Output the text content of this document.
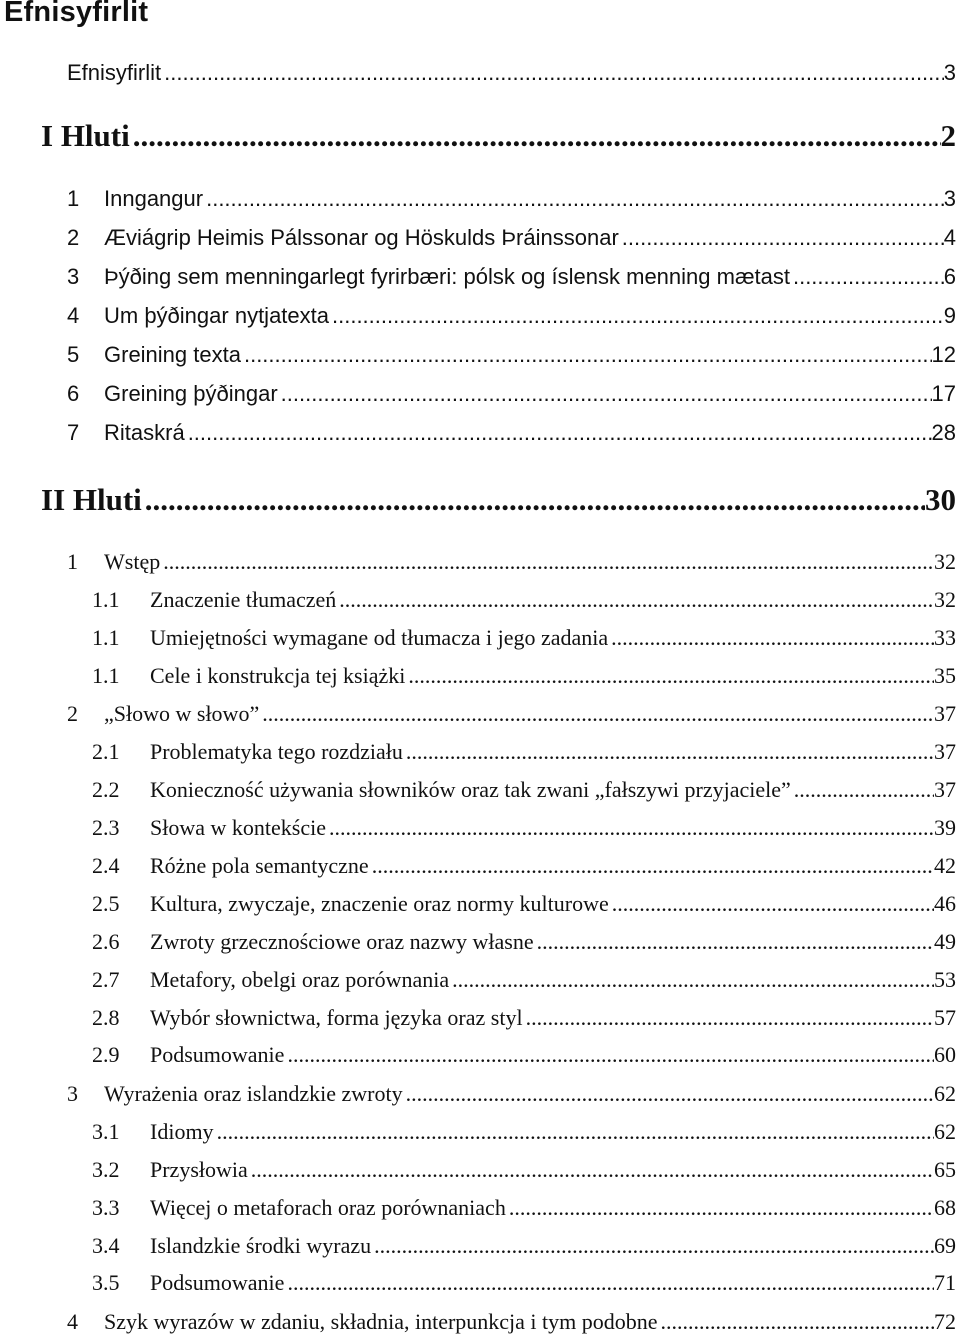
Efnisyfirlit
Efnisyfirlit .....	3
I Hluti .....	2
1	Inngangur .....	3
2	Æviágrip Heimis Pálssonar og Höskulds Þráinssonar .....	4
3	Þýðing sem menningarlegt fyrirbæri: pólsk og íslensk menning mætast .....	6
4	Um þýðingar nytjatexta .....	9
5	Greining texta .....	12
6	Greining þýðingar .....	17
7	Ritaskrá .....	28
II Hluti .....	30
1	Wstęp .....	32
1.1	Znaczenie tłumaczeń .....	32
1.1	Umiejętności wymagane od tłumacza i jego zadania .....	33
1.1	Cele i konstrukcja tej książki .....	35
2	„Słowo w słowo” .....	37
2.1	Problematyka tego rozdziału .....	37
2.2	Konieczność używania słowników oraz tak zwani „fałszywi przyjaciele” .....	37
2.3	Słowa w kontekście .....	39
2.4	Różne pola semantyczne .....	42
2.5	Kultura, zwyczaje, znaczenie oraz normy kulturowe .....	46
2.6	Zwroty grzecznościowe oraz nazwy własne .....	49
2.7	Metafory, obelgi oraz porównania .....	53
2.8	Wybór słownictwa, forma języka oraz styl .....	57
2.9	Podsumowanie .....	60
3	Wyrażenia oraz islandzkie zwroty .....	62
3.1	Idiomy .....	62
3.2	Przysłowia .....	65
3.3	Więcej o metaforach oraz porównaniach .....	68
3.4	Islandzkie środki wyrazu .....	69
3.5	Podsumowanie .....	71
4	Szyk wyrazów w zdaniu, składnia, interpunkcja i tym podobne .....	72
